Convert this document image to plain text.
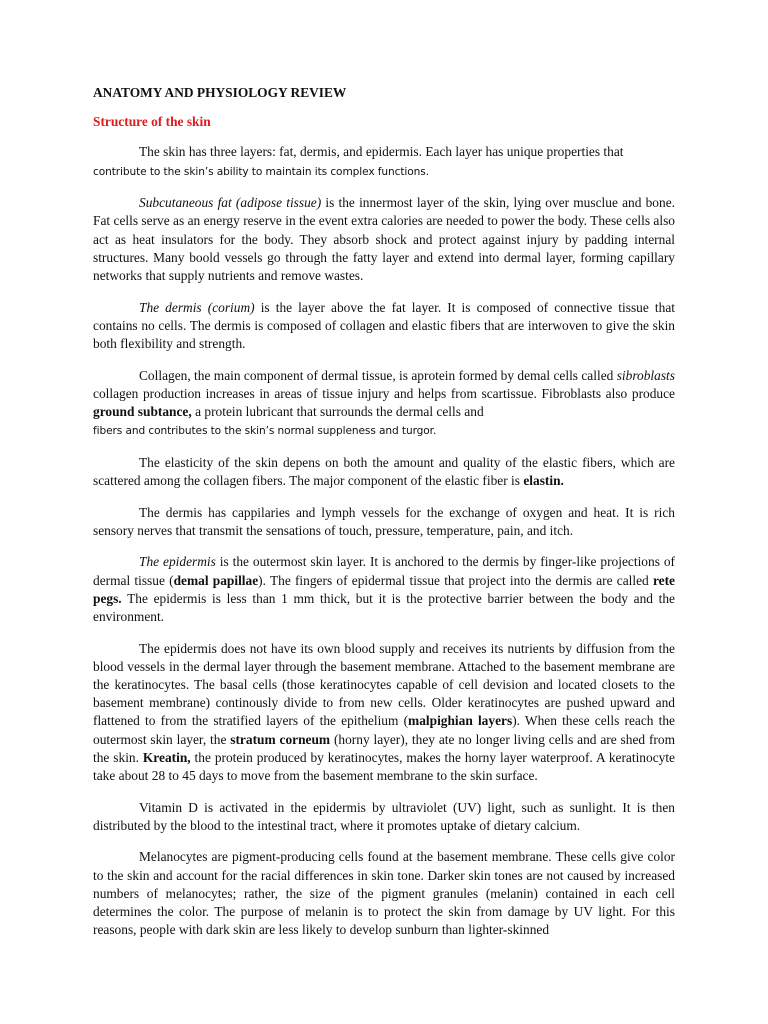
ANATOMY AND PHYSIOLOGY REVIEW
Structure of the skin

The skin has three layers: fat, dermis, and epidermis. Each layer has unique properties that
contribute to the skin’s ability to maintain its complex functions.

Subcutaneous fat (adipose tissue) is the innermost layer of the skin, lying over musclue and bone. Fat cells serve as an energy reserve in the event extra calories are needed to power the body. These cells also act as heat insulators for the body. They absorb shock and protect against injury by padding internal structures. Many boold vessels go through the fatty layer and extend into dermal layer, forming capillary networks that supply nutrients and remove wastes.

The dermis (corium) is the layer above the fat layer. It is composed of connective tissue that contains no cells. The dermis is composed of collagen and elastic fibers that are interwoven to give the skin both flexibility and strength.

Collagen, the main component of dermal tissue, is aprotein formed by demal cells called sibroblasts collagen production increases in areas of tissue injury and helps from scartissue. Fibroblasts also produce ground subtance, a protein lubricant that surrounds the dermal cells and
fibers and contributes to the skin’s normal suppleness and turgor.

The elasticity of the skin depens on both the amount and quality of the elastic fibers, which are scattered among the collagen fibers. The major component of the elastic fiber is elastin.

The dermis has cappilaries and lymph vessels for the exchange of oxygen and heat. It is rich sensory nerves that transmit the sensations of touch, pressure, temperature, pain, and itch.

The epidermis is the outermost skin layer. It is anchored to the dermis by finger-like projections of dermal tissue (demal papillae). The fingers of epidermal tissue that project into the dermis are called rete pegs. The epidermis is less than 1 mm thick, but it is the protective barrier between the body and the environment.

The epidermis does not have its own blood supply and receives its nutrients by diffusion from the blood vessels in the dermal layer through the basement membrane. Attached to the basement membrane are the keratinocytes. The basal cells (those keratinocytes capable of cell devision and located closets to the basement membrane) continously divide to from new cells. Older keratinocytes are pushed upward and flattened to from the stratified layers of the epithelium (malpighian layers). When these cells reach the outermost skin layer, the stratum corneum (horny layer), they ate no longer living cells and are shed from the skin. Kreatin, the protein produced by keratinocytes, makes the horny layer waterproof. A keratinocyte take about 28 to 45 days to move from the basement membrane to the skin surface.

Vitamin D is activated in the epidermis by ultraviolet (UV) light, such as sunlight. It is then distributed by the blood to the intestinal tract, where it promotes uptake of dietary calcium.

Melanocytes are pigment-producing cells found at the basement membrane. These cells give color to the skin and account for the racial differences in skin tone. Darker skin tones are not caused by increased numbers of melanocytes; rather, the size of the pigment granules (melanin) contained in each cell determines the color. The purpose of melanin is to protect the skin from damage by UV light. For this reasons, people with dark skin are less likely to develop sunburn than lighter-skinned
